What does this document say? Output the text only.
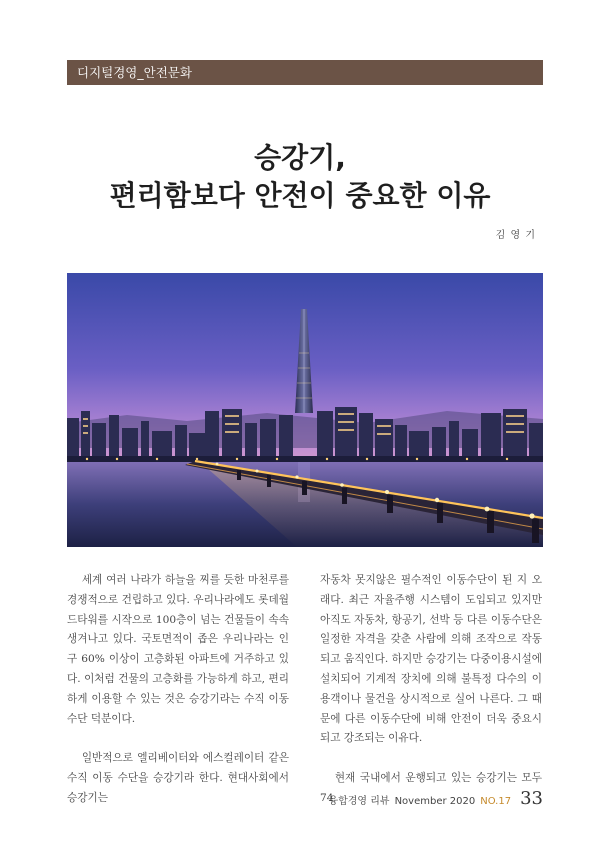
디지털경영_안전문화
승강기,
편리함보다 안전이 중요한 이유
김 영 기

세계 여러 나라가 하늘을 찌를 듯한 마천루를 경쟁적으로 건립하고 있다. 우리나라에도 롯데월드타워를 시작으로 100층이 넘는 건물들이 속속 생겨나고 있다. 국토면적이 좁은 우리나라는 인구 60% 이상이 고층화된 아파트에 거주하고 있다. 이처럼 건물의 고층화를 가능하게 하고, 편리하게 이용할 수 있는 것은 승강기라는 수직 이동수단 덕분이다.

일반적으로 엘리베이터와 에스컬레이터 같은 수직 이동 수단을 승강기라 한다. 현대사회에서 승강기는

자동차 못지않은 필수적인 이동수단이 된 지 오래다. 최근 자율주행 시스템이 도입되고 있지만 아직도 자동차, 항공기, 선박 등 다른 이동수단은 일정한 자격을 갖춘 사람에 의해 조작으로 작동되고 움직인다. 하지만 승강기는 다중이용시설에 설치되어 기계적 장치에 의해 불특정 다수의 이용객이나 물건을 상시적으로 실어 나른다. 그 때문에 다른 이동수단에 비해 안전이 더욱 중요시되고 강조되는 이유다.

현재 국내에서 운행되고 있는 승강기는 모두 74

융합경영 리뷰 November 2020 NO.17 33
